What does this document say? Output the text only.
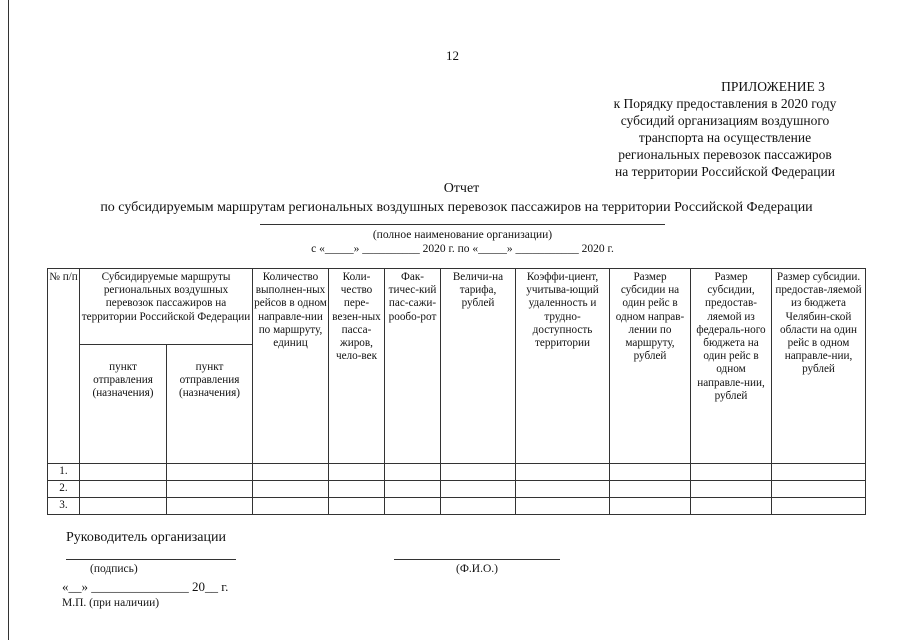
12
ПРИЛОЖЕНИЕ 3
к Порядку предоставления в 2020 году
субсидий организациям воздушного
транспорта на осуществление
региональных перевозок пассажиров
на территории Российской Федерации
Отчет
по субсидируемым маршрутам региональных воздушных перевозок пассажиров на территории Российской Федерации
(полное наименование организации)
с «_____» __________ 2020 г. по «_____» ___________ 2020 г.
№ п/п	Субсидируемые маршруты региональных воздушных перевозок пассажиров на территории Российской Федерации		Количество выполнен-ных рейсов в одном направле-нии по маршруту, единиц	Коли-чество пере-везен-ных пасса-жиров, чело-век	Фак-тичес-кий пас-сажи-рообо-рот	Величи-на тарифа, рублей	Коэффи-циент, учитыва-ющий удаленность и трудно-доступность территории	Размер субсидии на один рейс в одном направ-лении по маршруту, рублей	Размер субсидии, предостав-ляемой из федераль-ного бюджета на один рейс в одном направле-нии, рублей	Размер субсидии. предостав-ляемой из бюджета Челябин-ской области на один рейс в одном направле-нии, рублей
	пункт отправления (назначения)	пункт отправления (назначения)								
1.										
2.										
3.										
Руководитель организации
(подпись)	(Ф.И.О.)
«__» _______________ 20__ г.
М.П. (при наличии)
